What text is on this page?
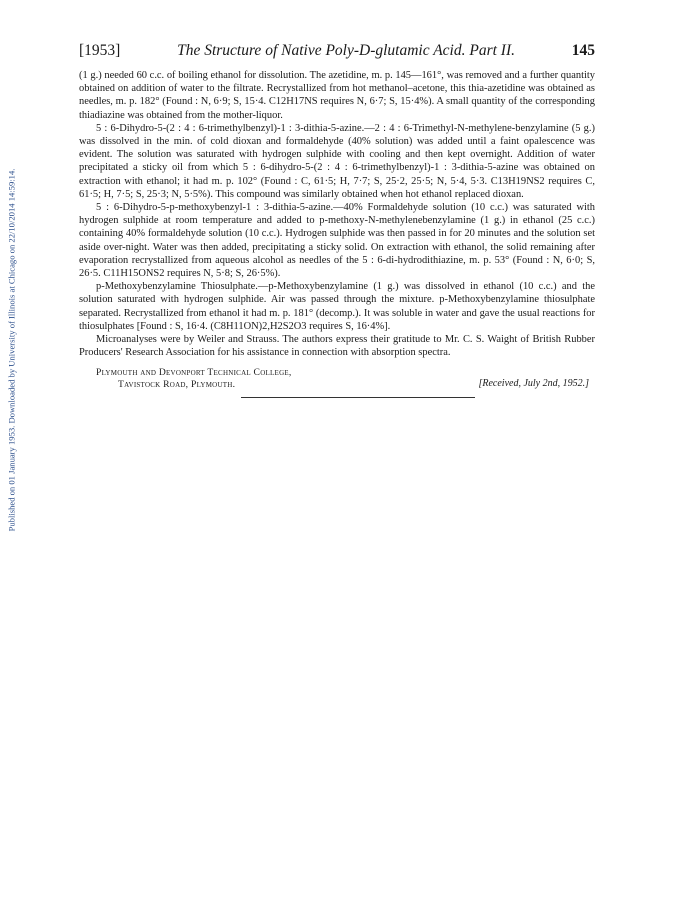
Published on 01 January 1953. Downloaded by University of Illinois at Chicago on 22/10/2014 14:59:14.
[1953]	The Structure of Native Poly-D-glutamic Acid. Part II.	145

(1 g.) needed 60 c.c. of boiling ethanol for dissolution. The azetidine, m. p. 145—161°, was removed and a further quantity obtained on addition of water to the filtrate. Recrystallized from hot methanol–acetone, this thia-azetidine was obtained as needles, m. p. 182° (Found : N, 6·9; S, 15·4. C12H17NS requires N, 6·7; S, 15·4%). A small quantity of the corresponding thiadiazine was obtained from the mother-liquor.

5 : 6-Dihydro-5-(2 : 4 : 6-trimethylbenzyl)-1 : 3-dithia-5-azine.—2 : 4 : 6-Trimethyl-N-methylene-benzylamine (5 g.) was dissolved in the min. of cold dioxan and formaldehyde (40% solution) was added until a faint opalescence was evident. The solution was saturated with hydrogen sulphide with cooling and then kept overnight. Addition of water precipitated a sticky oil from which 5 : 6-dihydro-5-(2 : 4 : 6-trimethylbenzyl)-1 : 3-dithia-5-azine was obtained on extraction with ethanol; it had m. p. 102° (Found : C, 61·5; H, 7·7; S, 25·2, 25·5; N, 5·4, 5·3. C13H19NS2 requires C, 61·5; H, 7·5; S, 25·3; N, 5·5%). This compound was similarly obtained when hot ethanol replaced dioxan.

5 : 6-Dihydro-5-p-methoxybenzyl-1 : 3-dithia-5-azine.—40% Formaldehyde solution (10 c.c.) was saturated with hydrogen sulphide at room temperature and added to p-methoxy-N-methylenebenzylamine (1 g.) in ethanol (25 c.c.) containing 40% formaldehyde solution (10 c.c.). Hydrogen sulphide was then passed in for 20 minutes and the solution set aside over-night. Water was then added, precipitating a sticky solid. On extraction with ethanol, the solid remaining after evaporation recrystallized from aqueous alcohol as needles of the 5 : 6-di-hydrodithiazine, m. p. 53° (Found : N, 6·0; S, 26·5. C11H15ONS2 requires N, 5·8; S, 26·5%).

p-Methoxybenzylamine Thiosulphate.—p-Methoxybenzylamine (1 g.) was dissolved in ethanol (10 c.c.) and the solution saturated with hydrogen sulphide. Air was passed through the mixture. p-Methoxybenzylamine thiosulphate separated. Recrystallized from ethanol it had m. p. 181° (decomp.). It was soluble in water and gave the usual reactions for thiosulphates [Found : S, 16·4. (C8H11ON)2,H2S2O3 requires S, 16·4%].

Microanalyses were by Weiler and Strauss. The authors express their gratitude to Mr. C. S. Waight of British Rubber Producers' Research Association for his assistance in connection with absorption spectra.

Plymouth and Devonport Technical College,
Tavistock Road, Plymouth.	[Received, July 2nd, 1952.]
